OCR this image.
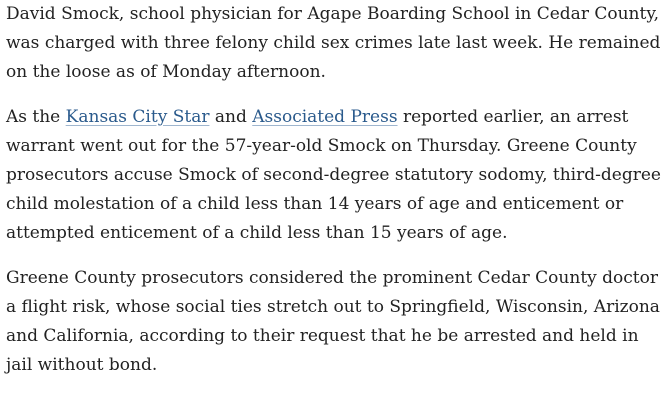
David Smock, school physician for Agape Boarding School in Cedar County, was charged with three felony child sex crimes late last week. He remained on the loose as of Monday afternoon.

As the Kansas City Star and Associated Press reported earlier, an arrest warrant went out for the 57-year-old Smock on Thursday. Greene County prosecutors accuse Smock of second-degree statutory sodomy, third-degree child molestation of a child less than 14 years of age and enticement or attempted enticement of a child less than 15 years of age.

Greene County prosecutors considered the prominent Cedar County doctor a flight risk, whose social ties stretch out to Springfield, Wisconsin, Arizona and California, according to their request that he be arrested and held in jail without bond.
